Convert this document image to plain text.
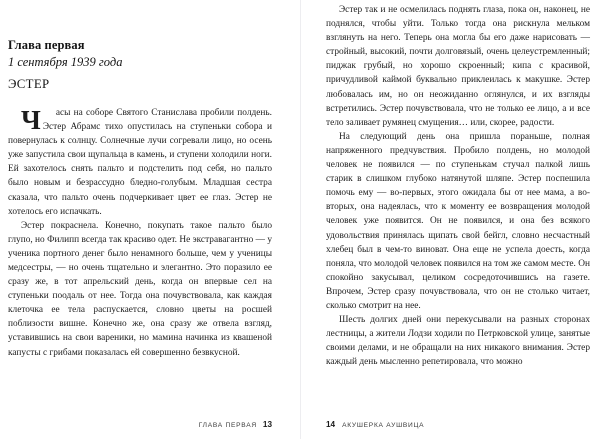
Глава первая
1 сентября 1939 года
ЭСТЕР

Часы на соборе Святого Станислава пробили полдень. Эстер Абрамс тихо опустилась на ступеньки собора и повернулась к солнцу. Солнечные лучи согревали лицо, но осень уже запустила свои щупальца в камень, и ступени холодили ноги. Ей захотелось снять пальто и подстелить под себя, но пальто было новым и безрассудно бледно-голубым. Младшая сестра сказала, что пальто очень подчеркивает цвет ее глаз. Эстер не хотелось его испачкать.

Эстер покраснела. Конечно, покупать такое пальто было глупо, но Филипп всегда так красиво одет. Не экстравагантно — у ученика портного денег было ненамного больше, чем у ученицы медсестры, — но очень тщательно и элегантно. Это поразило ее сразу же, в тот апрельский день, когда он впервые сел на ступеньки поодаль от нее. Тогда она почувствовала, как каждая клеточка ее тела распускается, словно цветы на росшей поблизости вишне. Конечно же, она сразу же отвела взгляд, уставившись на свои вареники, но мамина начинка из квашеной капусты с грибами показалась ей совершенно безвкусной.

ГЛАВА ПЕРВАЯ 13

Эстер так и не осмелилась поднять глаза, пока он, наконец, не поднялся, чтобы уйти. Только тогда она рискнула мельком взглянуть на него. Теперь она могла бы его даже нарисовать — стройный, высокий, почти долговязый, очень целеустремленный; пиджак грубый, но хорошо скроенный; кипа с красивой, причудливой каймой буквально приклеилась к макушке. Эстер любовалась им, но он неожиданно оглянулся, и их взгляды встретились. Эстер почувствовала, что не только ее лицо, а и все тело заливает румянец смущения… или, скорее, радости.

На следующий день она пришла пораньше, полная напряженного предчувствия. Пробило полдень, но молодой человек не появился — по ступенькам стучал палкой лишь старик в слишком глубоко натянутой шляпе. Эстер поспешила помочь ему — во-первых, этого ожидала бы от нее мама, а во-вторых, она надеялась, что к моменту ее возвращения молодой человек уже появится. Он не появился, и она без всякого удовольствия принялась щипать свой бейгл, словно несчастный хлебец был в чем-то виноват. Она еще не успела доесть, когда поняла, что молодой человек появился на том же самом месте. Он спокойно закусывал, целиком сосредоточившись на газете. Впрочем, Эстер сразу почувствовала, что он не столько читает, сколько смотрит на нее.

Шесть долгих дней они перекусывали на разных сторонах лестницы, а жители Лодзи ходили по Петрковской улице, занятые своими делами, и не обращали на них никакого внимания. Эстер каждый день мысленно репетировала, что можно

14 АКУШЕРКА АУШВИЦА
